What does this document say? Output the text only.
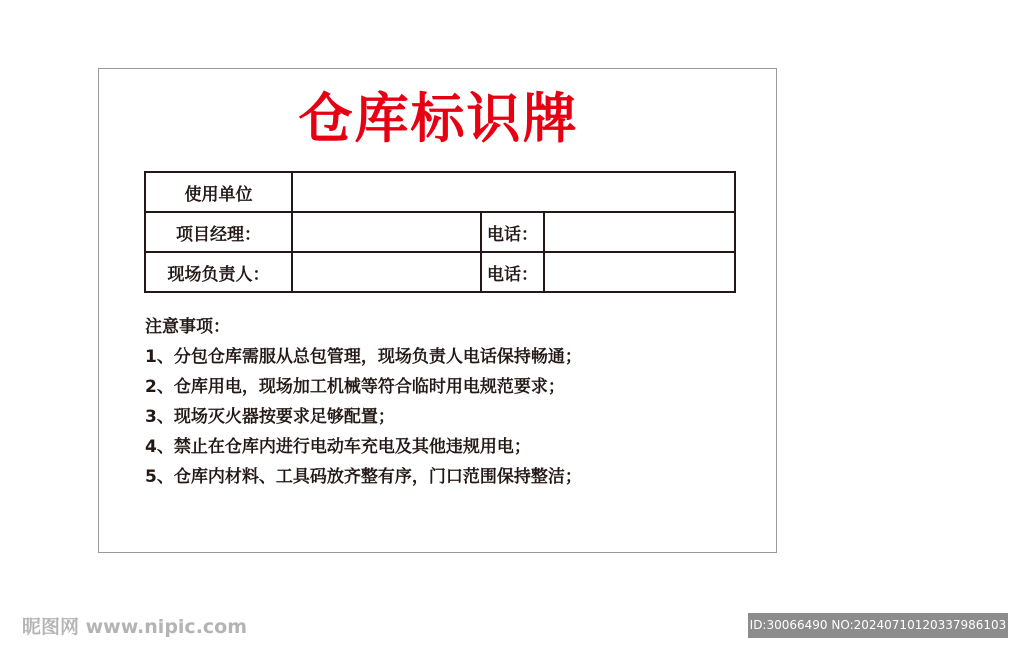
仓库标识牌
使用单位			
项目经理：		电话：	
现场负责人：		电话：	
注意事项：
1、分包仓库需服从总包管理，现场负责人电话保持畅通；
2、仓库用电，现场加工机械等符合临时用电规范要求；
3、现场灭火器按要求足够配置；
4、禁止在仓库内进行电动车充电及其他违规用电；
5、仓库内材料、工具码放齐整有序，门口范围保持整洁；
昵图网 www.nipic.com	ID:30066490 NO:20240710120337986103
